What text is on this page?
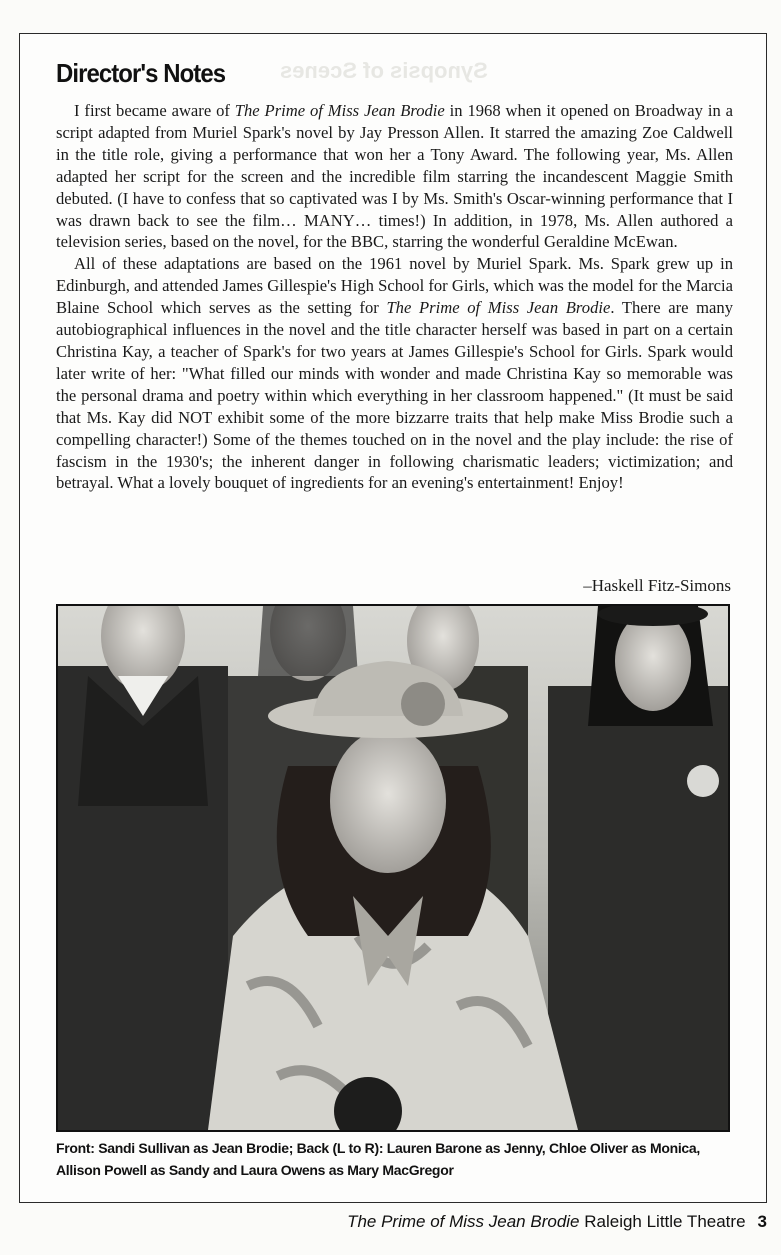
Synopsis of Scenes
Director's Notes

I first became aware of The Prime of Miss Jean Brodie in 1968 when it opened on Broadway in a script adapted from Muriel Spark's novel by Jay Presson Allen. It starred the amazing Zoe Caldwell in the title role, giving a performance that won her a Tony Award. The following year, Ms. Allen adapted her script for the screen and the incredible film starring the incandescent Maggie Smith debuted. (I have to confess that so captivated was I by Ms. Smith's Oscar-winning performance that I was drawn back to see the film… MANY… times!) In addition, in 1978, Ms. Allen authored a television series, based on the novel, for the BBC, starring the wonderful Geraldine McEwan.

All of these adaptations are based on the 1961 novel by Muriel Spark. Ms. Spark grew up in Edinburgh, and attended James Gillespie's High School for Girls, which was the model for the Marcia Blaine School which serves as the setting for The Prime of Miss Jean Brodie. There are many autobiographical influences in the novel and the title character herself was based in part on a certain Christina Kay, a teacher of Spark's for two years at James Gillespie's School for Girls. Spark would later write of her: "What filled our minds with wonder and made Christina Kay so memorable was the personal drama and poetry within which everything in her classroom happened." (It must be said that Ms. Kay did NOT exhibit some of the more bizzarre traits that help make Miss Brodie such a compelling character!) Some of the themes touched on in the novel and the play include: the rise of fascism in the 1930's; the inherent danger in following charismatic leaders; victimization; and betrayal. What a lovely bouquet of ingredients for an evening's entertainment! Enjoy!

–Haskell Fitz-Simons

Front: Sandi Sullivan as Jean Brodie; Back (L to R): Lauren Barone as Jenny, Chloe Oliver as Monica, Allison Powell as Sandy and Laura Owens as Mary MacGregor

The Prime of Miss Jean Brodie Raleigh Little Theatre 3
